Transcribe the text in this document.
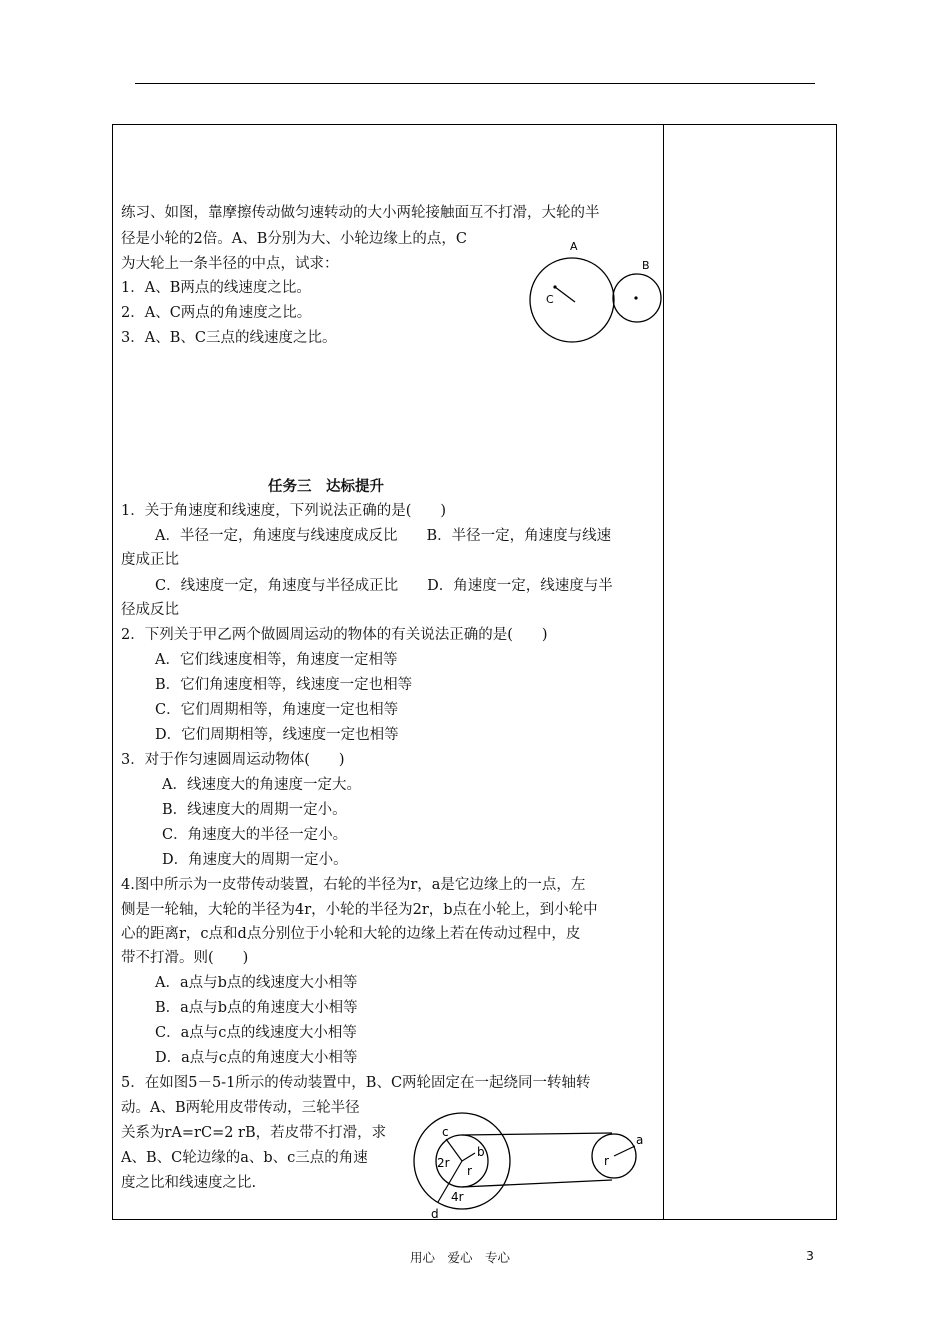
练习、如图，靠摩擦传动做匀速转动的大小两轮接触面互不打滑，大轮的半
径是小轮的2倍。A、B分别为大、小轮边缘上的点，C
为大轮上一条半径的中点，试求：
1．A、B两点的线速度之比。
2．A、C两点的角速度之比。
3．A、B、C三点的线速度之比。
A
B
C
任务三　达标提升
1．关于角速度和线速度，下列说法正确的是(　　)
A．半径一定，角速度与线速度成反比　　B．半径一定，角速度与线速
度成正比
C．线速度一定，角速度与半径成正比　　D．角速度一定，线速度与半
径成反比
2．下列关于甲乙两个做圆周运动的物体的有关说法正确的是(　　)
A．它们线速度相等，角速度一定相等
B．它们角速度相等，线速度一定也相等
C．它们周期相等，角速度一定也相等
D．它们周期相等，线速度一定也相等
3．对于作匀速圆周运动物体(　　)
A．线速度大的角速度一定大。
B．线速度大的周期一定小。
C．角速度大的半径一定小。
D．角速度大的周期一定小。
4.图中所示为一皮带传动装置，右轮的半径为r，a是它边缘上的一点，左
侧是一轮轴，大轮的半径为4r，小轮的半径为2r，b点在小轮上，到小轮中
心的距离r，c点和d点分别位于小轮和大轮的边缘上若在传动过程中，皮
带不打滑。则(　　)
A．a点与b点的线速度大小相等
B．a点与b点的角速度大小相等
C．a点与c点的线速度大小相等
D．a点与c点的角速度大小相等
5．在如图5－5-1所示的传动装置中，B、C两轮固定在一起绕同一转轴转
动。A、B两轮用皮带传动，三轮半径
关系为rA=rC=2 rB，若皮带不打滑，求
A、B、C轮边缘的a、b、c三点的角速
度之比和线速度之比.
c
2r
b
r
4r
d
r
a
用心　爱心　专心	3
